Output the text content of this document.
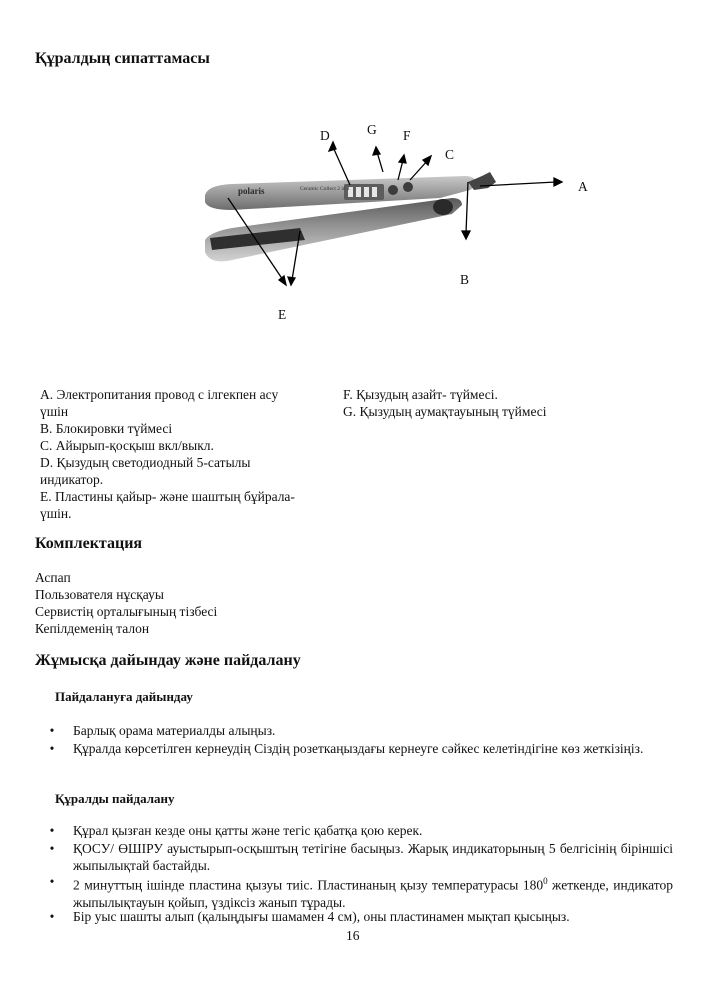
Құралдың сипаттамасы
polaris	Ceramic Collect 2 in 1
D	G F
C
A
B
E
A. Электропитания провод с ілгекпен асу
үшін
B. Блокировки түймесі
C. Айырып-қосқыш вкл/выкл.
D. Қызудың светодиодный 5-сатылы
индикатор.
E. Пластины қайыр- және шаштың бұйрала-
үшін.
F. Қызудың азайт- түймесі.
G. Қызудың аумақтауының түймесі
Комплектация
Аспап
Пользователя нұсқауы
Сервистің орталығының тізбесі
Кепілдеменің талон
Жұмысқа дайындау және пайдалану
Пайдалануға дайындау
•	Барлық орама материалды алыңыз.
•	Құралда көрсетілген кернеудің Сіздің розеткаңыздағы кернеуге сәйкес келетіндігіне көз жеткізіңіз.
Құралды пайдалану
•	Құрал қызған кезде оны қатты және тегіс қабатқа қою керек.
•	ҚОСУ/ ӨШІРУ ауыстырып-осқыштың тетігіне басыңыз. Жарық индикаторының 5 белгісінің біріншісі жыпылықтай бастайды.
•	2 минуттың ішінде пластина қызуы тиіс. Пластинаның қызу температурасы $180^0$ жеткенде, индикатор жыпылықтауын қойып, үздіксіз жанып тұрады.
•	Бір уыс шашты алып (қалыңдығы шамамен 4 см), оны пластинамен мықтап қысыңыз.
16
